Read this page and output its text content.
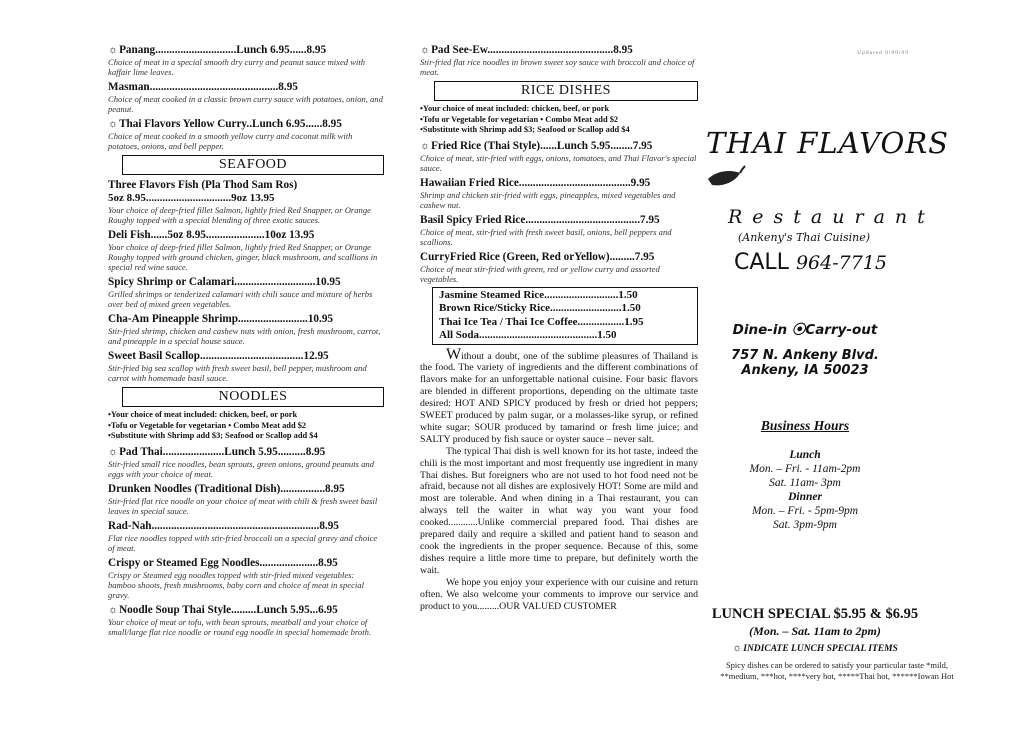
Updated 9/00/09
☼Panang.............................Lunch 6.95......8.95
Choice of meat in a special smooth dry curry and peanut sauce mixed with kaffair lime leaves.
Masman..............................................8.95
Choice of meat cooked in a classic brown curry sauce with potatoes, onion, and peanut.
☼Thai Flavors Yellow Curry..Lunch 6.95......8.95
Choice of meat cooked in a smooth yellow curry and coconut milk with potatoes, onions, and bell pepper.
SEAFOOD
Three Flavors Fish (Pla Thod Sam Ros)
5oz 8.95...............................9oz 13.95
Your choice of deep-fried fillet Salmon, lightly fried Red Snapper, or Orange Roughy topped with a special blending of three exotic sauces.
Deli Fish......5oz 8.95.....................10oz 13.95
Your choice of deep-fried fillet Salmon, lightly fried Red Snapper, or Orange Roughy topped with ground chicken, ginger, black mushroom, and scallions in special red wine sauce.
Spicy Shrimp or Calamari.............................10.95
Grilled shrimps or tenderized calamari with chili sauce and mixture of herbs over bed of mixed green vegetables.
Cha-Am Pineapple Shrimp.........................10.95
Stir-fried shrimp, chicken and cashew nuts with onion, fresh mushroom, carrot, and pineapple in a special house sauce.
Sweet Basil Scallop.....................................12.95
Stir-fried big sea scallop with fresh sweet basil, bell pepper, mushroom and carrot with homemade basil sauce.
NOODLES
•Your choice of meat included: chicken, beef, or pork
•Tofu or Vegetable for vegetarian • Combo Meat add $2
•Substitute with Shrimp add $3; Seafood or Scallop add $4
☼Pad Thai......................Lunch 5.95..........8.95
Stir-fried small rice noodles, bean sprouts, green onions, ground peanuts and eggs with your choice of meat.
Drunken Noodles (Traditional Dish)................8.95
Stir-fried flat rice noodle on your choice of meat with chili & fresh sweet basil leaves in special sauce.
Rad-Nah............................................................8.95
Flat rice noodles topped with stir-fried broccoli on a special gravy and choice of meat.
Crispy or Steamed Egg Noodles.....................8.95
Crispy or Steamed egg noodles topped with stir-fried mixed vegetables: bamboo shoots, fresh mushrooms, baby corn and choice of meat in special gravy.
☼Noodle Soup Thai Style.........Lunch 5.95...6.95
Your choice of meat or tofu, with bean sprouts, meatball and your choice of small/large flat rice noodle or round egg noodle in special homemade broth.
☼Pad See-Ew.............................................8.95
Stir-fried flat rice noodles in brown sweet soy sauce with broccoli and choice of meat.
RICE DISHES
•Your choice of meat included: chicken, beef, or pork
•Tofu or Vegetable for vegetarian • Combo Meat add $2
•Substitute with Shrimp add $3; Seafood or Scallop add $4
☼Fried Rice (Thai Style)......Lunch 5.95........7.95
Choice of meat, stir-fried with eggs, onions, tomatoes, and Thai Flavor's special sauce.
Hawaiian Fried Rice........................................9.95
Shrimp and chicken stir-fried with eggs, pineapples, mixed vegetables and cashew nut.
Basil Spicy Fried Rice.........................................7.95
Choice of meat, stir-fried with fresh sweet basil, onions, bell peppers and scallions.
CurryFried Rice (Green, Red orYellow).........7.95
Choice of meat stir-fried with green, red or yellow curry and assorted vegetables.
Jasmine Steamed Rice...........................1.50
Brown Rice/Sticky Rice..........................1.50
Thai Ice Tea / Thai Ice Coffee.................1.95
All Soda...........................................1.50

Without a doubt, one of the sublime pleasures of Thailand is the food. The variety of ingredients and the different combinations of flavors make for an unforgettable national cuisine. Four basic flavors are blended in different proportions, depending on the ultimate taste desired: HOT AND SPICY produced by fresh or dried hot peppers; SWEET produced by palm sugar, or a molasses-like syrup, or refined white sugar; SOUR produced by tamarind or fresh lime juice; and SALTY produced by fish sauce or oyster sauce – never salt.

The typical Thai dish is well known for its hot taste, indeed the chili is the most important and most frequently use ingredient in many Thai dishes. But foreigners who are not used to hot food need not be afraid, because not all dishes are explosively HOT! Some are mild and most are tolerable. And when dining in a Thai restaurant, you can always tell the waiter in what way you want your food cooked............Unlike commercial prepared food. Thai dishes are prepared daily and require a skilled and patient hand to season and cook the ingredients in the proper sequence. Because of this, some dishes require a little more time to prepare, but definitely worth the wait.

We hope you enjoy your experience with our cuisine and return often. We also welcome your comments to improve our service and product to you.........OUR VALUED CUSTOMER

THAI FLAVORS
Restaurant
(Ankeny's Thai Cuisine)
CALL 964-7715
Dine-in ⦿Carry-out
757 N. Ankeny Blvd.
Ankeny, IA 50023
Business Hours
Lunch
Mon. – Fri. - 11am-2pm
Sat. 11am- 3pm
Dinner
Mon. – Fri. - 5pm-9pm
Sat. 3pm-9pm
LUNCH SPECIAL $5.95 & $6.95
(Mon. – Sat. 11am to 2pm)
☼INDICATE LUNCH SPECIAL ITEMS
Spicy dishes can be ordered to satisfy your particular taste *mild, **medium, ***hot, ****very hot, *****Thai hot, ******Iowan Hot
